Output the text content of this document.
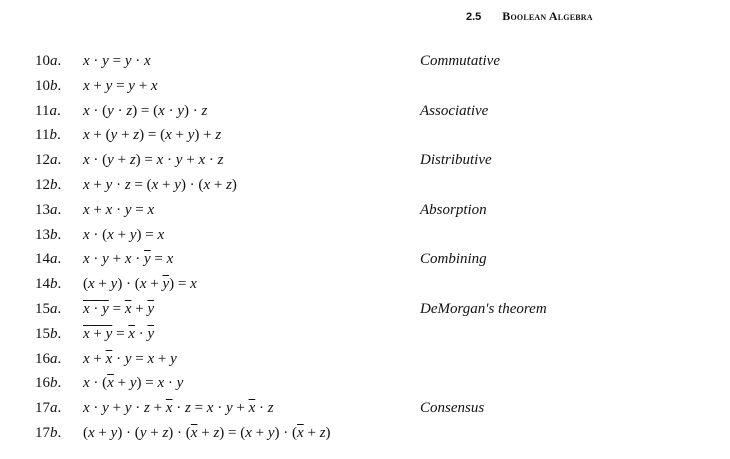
2.5 Boolean Algebra
10a. x · y = y · x	Commutative
10b. x + y = y + x
11a. x · (y · z) = (x · y) · z	Associative
11b. x + (y + z) = (x + y) + z
12a. x · (y + z) = x · y + x · z	Distributive
12b. x + y · z = (x + y) · (x + z)
13a. x + x · y = x	Absorption
13b. x · (x + y) = x
14a. $x \cdot y + x \cdot \overline{y} = x$	Combining
14b. $(x + y) \cdot (x + \overline{y}) = x$
15a. $x \cdot y = \overline{x} + \overline{y}$	DeMorgan's theorem
15b. $x + y = \overline{x} \cdot \overline{y}$
16a. $x + \overline{x} \cdot y = x + y$
16b. $x \cdot (\overline{x} + y) = x \cdot y$
17a. $x \cdot y + y \cdot z + \overline{x} \cdot z = x \cdot y + \overline{x} \cdot z$	Consensus
17b. $(x + y) \cdot (y + z) \cdot (\overline{x} + z) = (x + y) \cdot (\overline{x} + z)$
